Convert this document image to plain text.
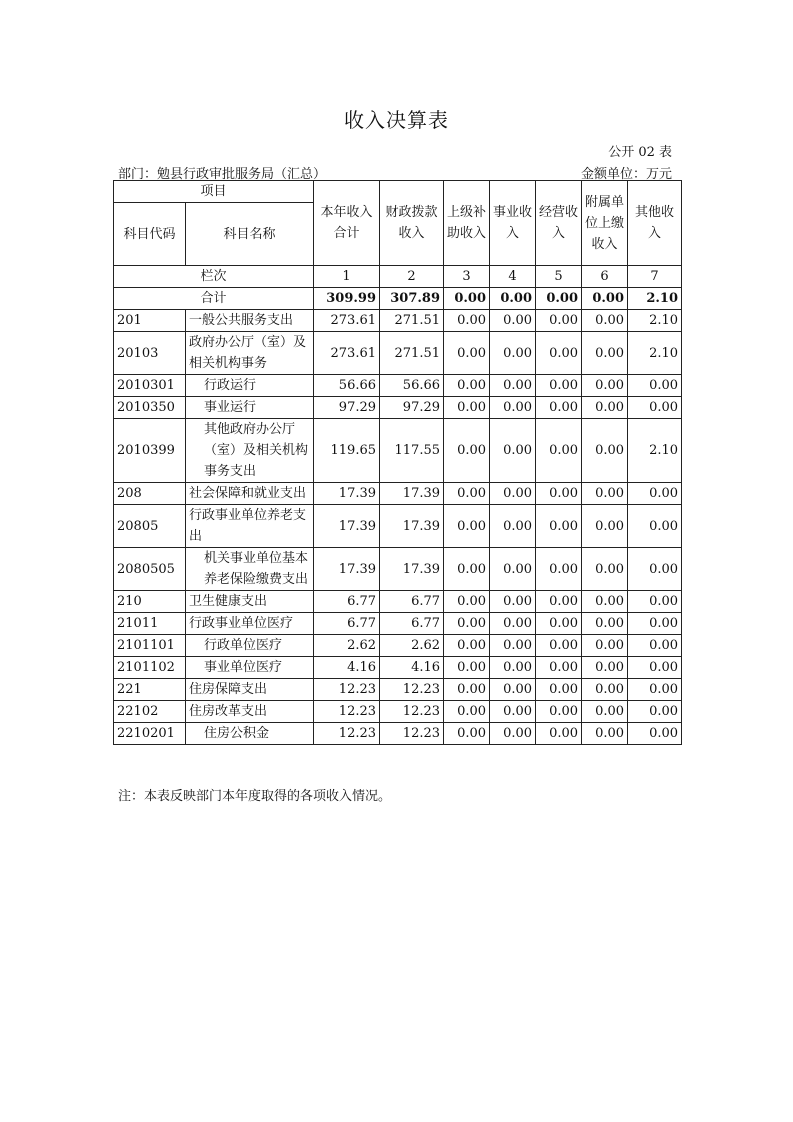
收入决算表
公开 02 表
部门：勉县行政审批服务局（汇总）	金额单位：万元
项目		本年收入合计	财政拨款收入	上级补助收入	事业收入	经营收入	附属单位上缴收入	其他收入
科目代码	科目名称							
栏次		1	2	3	4	5	6	7
合计		309.99	307.89	0.00	0.00	0.00	0.00	2.10
201	一般公共服务支出	273.61	271.51	0.00	0.00	0.00	0.00	2.10
20103	政府办公厅（室）及相关机构事务	273.61	271.51	0.00	0.00	0.00	0.00	2.10
2010301	行政运行	56.66	56.66	0.00	0.00	0.00	0.00	0.00
2010350	事业运行	97.29	97.29	0.00	0.00	0.00	0.00	0.00
2010399	其他政府办公厅（室）及相关机构事务支出	119.65	117.55	0.00	0.00	0.00	0.00	2.10
208	社会保障和就业支出	17.39	17.39	0.00	0.00	0.00	0.00	0.00
20805	行政事业单位养老支出	17.39	17.39	0.00	0.00	0.00	0.00	0.00
2080505	机关事业单位基本养老保险缴费支出	17.39	17.39	0.00	0.00	0.00	0.00	0.00
210	卫生健康支出	6.77	6.77	0.00	0.00	0.00	0.00	0.00
21011	行政事业单位医疗	6.77	6.77	0.00	0.00	0.00	0.00	0.00
2101101	行政单位医疗	2.62	2.62	0.00	0.00	0.00	0.00	0.00
2101102	事业单位医疗	4.16	4.16	0.00	0.00	0.00	0.00	0.00
221	住房保障支出	12.23	12.23	0.00	0.00	0.00	0.00	0.00
22102	住房改革支出	12.23	12.23	0.00	0.00	0.00	0.00	0.00
2210201	住房公积金	12.23	12.23	0.00	0.00	0.00	0.00	0.00
注：本表反映部门本年度取得的各项收入情况。
